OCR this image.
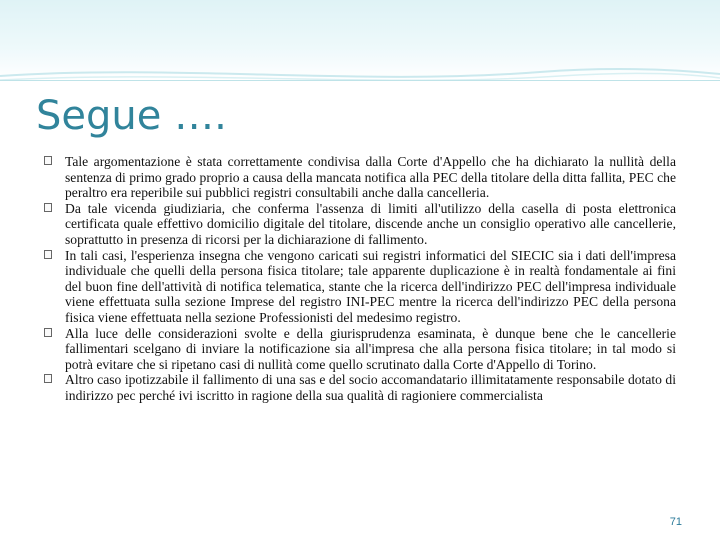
Segue ….
Tale argomentazione è stata correttamente condivisa dalla Corte d'Appello che ha dichiarato la nullità della sentenza di primo grado proprio a causa della mancata notifica alla PEC della titolare della ditta fallita, PEC che peraltro era reperibile sui pubblici registri consultabili anche dalla cancelleria.
Da tale vicenda giudiziaria, che conferma l'assenza di limiti all'utilizzo della casella di posta elettronica certificata quale effettivo domicilio digitale del titolare, discende anche un consiglio operativo alle cancellerie, soprattutto in presenza di ricorsi per la dichiarazione di fallimento.
In tali casi, l'esperienza insegna che vengono caricati sui registri informatici del SIECIC sia i dati dell'impresa individuale che quelli della persona fisica titolare; tale apparente duplicazione è in realtà fondamentale ai fini del buon fine dell'attività di notifica telematica, stante che la ricerca dell'indirizzo PEC dell'impresa individuale viene effettuata sulla sezione Imprese del registro INI-PEC mentre la ricerca dell'indirizzo PEC della persona fisica viene effettuata nella sezione Professionisti del medesimo registro.
Alla luce delle considerazioni svolte e della giurisprudenza esaminata, è dunque bene che le cancellerie fallimentari scelgano di inviare la notificazione sia all'impresa che alla persona fisica titolare; in tal modo si potrà evitare che si ripetano casi di nullità come quello scrutinato dalla Corte d'Appello di Torino.
Altro caso ipotizzabile il fallimento di una sas e del socio accomandatario illimitatamente responsabile dotato di indirizzo pec perché ivi iscritto in ragione della sua qualità di ragioniere commercialista
71
